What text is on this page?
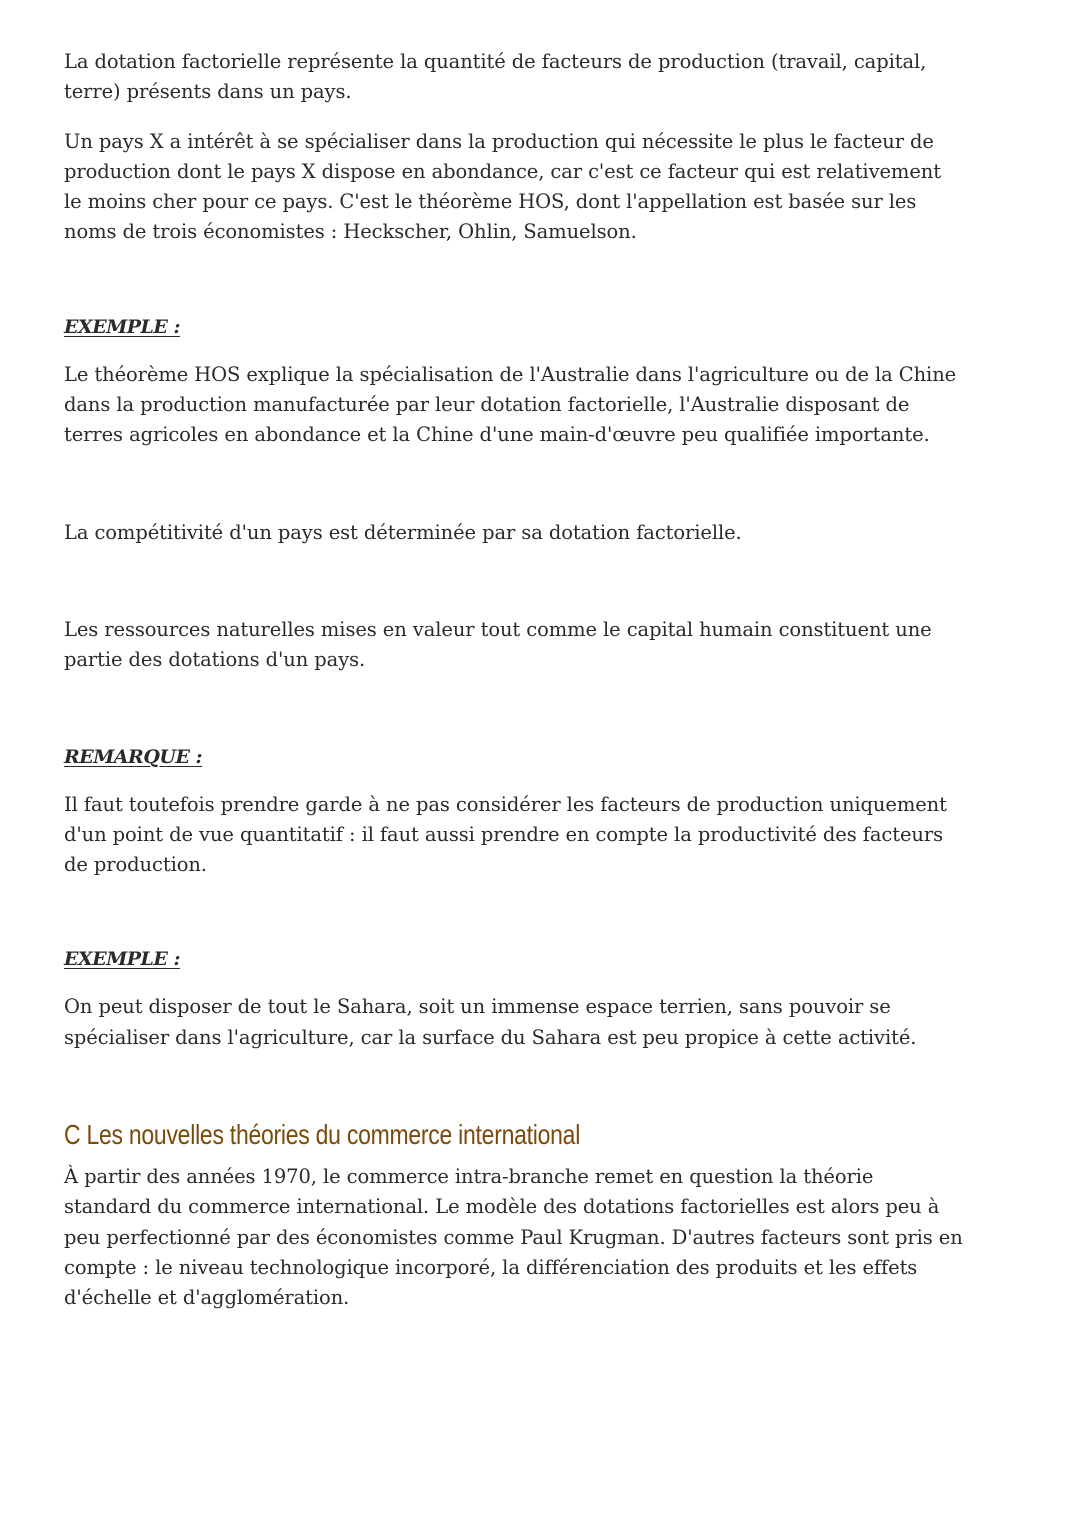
La dotation factorielle représente la quantité de facteurs de production (travail, capital, terre) présents dans un pays.

Un pays X a intérêt à se spécialiser dans la production qui nécessite le plus le facteur de production dont le pays X dispose en abondance, car c'est ce facteur qui est relativement le moins cher pour ce pays. C'est le théorème HOS, dont l'appellation est basée sur les noms de trois économistes : Heckscher, Ohlin, Samuelson.

EXEMPLE :

Le théorème HOS explique la spécialisation de l'Australie dans l'agriculture ou de la Chine dans la production manufacturée par leur dotation factorielle, l'Australie disposant de terres agricoles en abondance et la Chine d'une main-d'œuvre peu qualifiée importante.

La compétitivité d'un pays est déterminée par sa dotation factorielle.

Les ressources naturelles mises en valeur tout comme le capital humain constituent une partie des dotations d'un pays.

REMARQUE :

Il faut toutefois prendre garde à ne pas considérer les facteurs de production uniquement d'un point de vue quantitatif : il faut aussi prendre en compte la productivité des facteurs de production.

EXEMPLE :

On peut disposer de tout le Sahara, soit un immense espace terrien, sans pouvoir se spécialiser dans l'agriculture, car la surface du Sahara est peu propice à cette activité.

C Les nouvelles théories du commerce international

À partir des années 1970, le commerce intra-branche remet en question la théorie standard du commerce international. Le modèle des dotations factorielles est alors peu à peu perfectionné par des économistes comme Paul Krugman. D'autres facteurs sont pris en compte : le niveau technologique incorporé, la différenciation des produits et les effets d'échelle et d'agglomération.
